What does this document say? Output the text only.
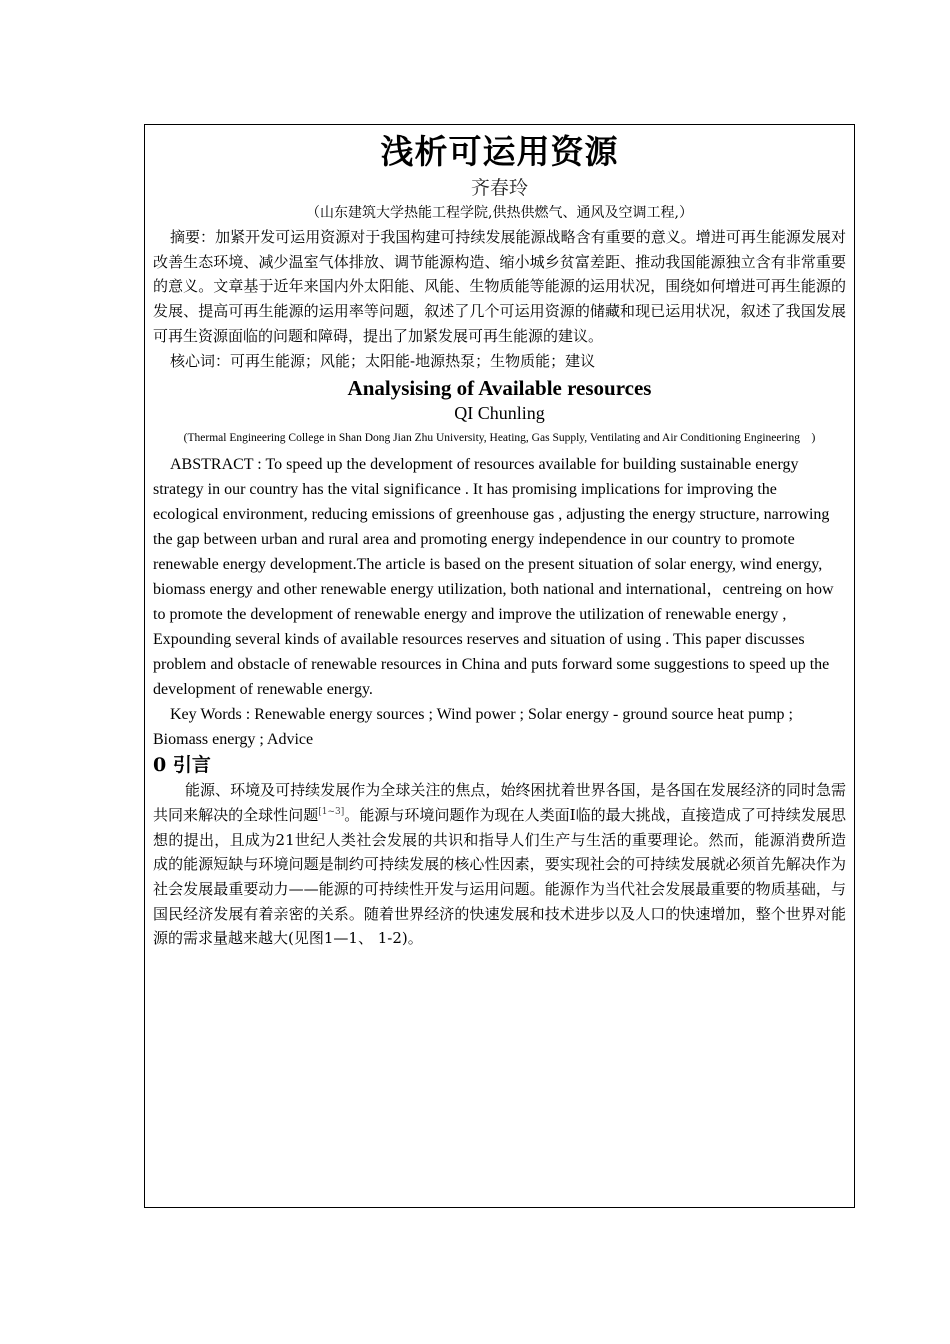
浅析可运用资源

齐春玲

（山东建筑大学热能工程学院,供热供燃气、通风及空调工程,）

摘要：加紧开发可运用资源对于我国构建可持续发展能源战略含有重要的意义。增进可再生能源发展对改善生态环境、减少温室气体排放、调节能源构造、缩小城乡贫富差距、推动我国能源独立含有非常重要的意义。文章基于近年来国内外太阳能、风能、生物质能等能源的运用状况，围绕如何增进可再生能源的发展、提高可再生能源的运用率等问题，叙述了几个可运用资源的储藏和现已运用状况，叙述了我国发展可再生资源面临的问题和障碍，提出了加紧发展可再生能源的建议。

核心词：可再生能源；风能；太阳能-地源热泵；生物质能；建议

Analysising of Available resources

QI Chunling

(Thermal Engineering College in Shan Dong Jian Zhu University, Heating, Gas Supply, Ventilating and Air Conditioning Engineering　)

ABSTRACT : To speed up the development of resources available for building sustainable energy strategy in our country has the vital significance . It has promising implications for improving the ecological environment, reducing emissions of greenhouse gas , adjusting the energy structure, narrowing the gap between urban and rural area and promoting energy independence in our country to promote renewable energy development.The article is based on the present situation of solar energy, wind energy, biomass energy and other renewable energy utilization, both national and international，centreing on how to promote the development of renewable energy and improve the utilization of renewable energy , Expounding several kinds of available resources reserves and situation of using . This paper discusses problem and obstacle of renewable resources in China and puts forward some suggestions to speed up the development of renewable energy.

Key Words : Renewable energy sources ; Wind power ; Solar energy - ground source heat pump ; Biomass energy ; Advice

0 引言

能源、环境及可持续发展作为全球关注的焦点，始终困扰着世界各国，是各国在发展经济的同时急需共同来解决的全球性问题[1~3]。能源与环境问题作为现在人类面Ⅰ临的最大挑战，直接造成了可持续发展思想的提出，且成为21世纪人类社会发展的共识和指导人们生产与生活的重要理论。然而，能源消费所造成的能源短缺与环境问题是制约可持续发展的核心性因素，要实现社会的可持续发展就必须首先解决作为社会发展最重要动力——能源的可持续性开发与运用问题。能源作为当代社会发展最重要的物质基础，与国民经济发展有着亲密的关系。随着世界经济的快速发展和技术进步以及人口的快速增加，整个世界对能源的需求量越来越大(见图1—1、 1-2)。
